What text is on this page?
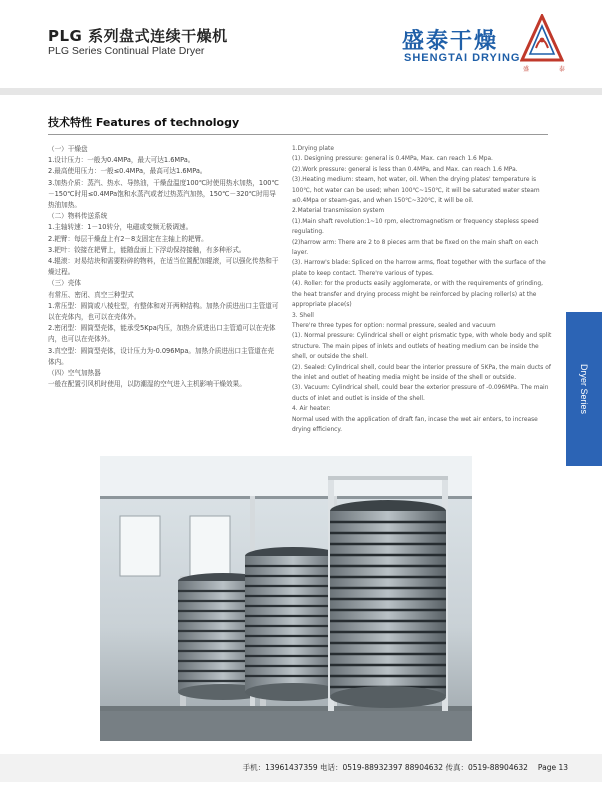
PLG 系列盘式连续干燥机
PLG Series Continual Plate Dryer	盛泰干燥
SHENGTAI DRYING
盛 泰
技术特性 Features of technology

（一）干燥盘

1.设计压力：一般为0.4MPa，最大可达1.6MPa。

2.最高使用压力：一般≤0.4MPa，最高可达1.6MPa。

3.加热介质：蒸汽、热水、导热油，干燥盘温度100℃时使用热水加热，100℃－150℃时用≤0.4MPa饱和水蒸汽或者过热蒸汽加热，150℃－320℃时用导热油加热。

（二）物料传送系统

1.主轴转速：1－10转分，电磁或变频无极调速。

2.耙臂：每层干燥盘上有2－8支固定在主轴上的耙臂。

3.耙叶：铰接在耙臂上，能随盘面上下浮动保持接触，有多种形式。

4.辊滚：对易结块和需要粉碎的物料，在适当位置配加辊滚，可以强化传热和干燥过程。

（三）壳体

有常压、密闭、真空三种型式

1.常压型：圆筒或八棱柱型，有整体和对开两种结构。加热介质进出口主管道可以在壳体内，也可以在壳体外。

2.密闭型：圆筒型壳体，能承受5Kpa内压，加热介质进出口主管道可以在壳体内，也可以在壳体外。

3.真空型：圆筒型壳体，设计压力为-0.096Mpa。加热介质进出口主管道在壳体内。

（四）空气加热器

一般在配置引风机时使用，以防潮湿的空气进入主机影响干燥效果。

1.Drying plate

(1). Designing pressure: general is 0.4MPa, Max. can reach 1.6 Mpa.

(2).Work pressure: general is less than 0.4MPa, and Max. can reach 1.6 MPa.

(3).Heating medium: steam, hot water, oil. When the drying plates' temperature is 100℃, hot water can be used; when 100℃~150℃, it will be saturated water steam ≤0.4Mpa or steam-gas, and when 150℃~320℃, it will be oil.

2.Material transmission system

(1).Main shaft revolution:1~10 rpm, electromagnetism or frequency stepless speed regulating.

(2)harrow arm: There are 2 to 8 pieces arm that be fixed on the main shaft on each layer.

(3). Harrow's blade: Spliced on the harrow arms, float together with the surface of the plate to keep contact. There're various of types.

(4). Roller: for the products easily agglomerate, or with the requirements of grinding, the heat transfer and drying process might be reinforced by placing roller(s) at the appropriate place(s)

3. Shell

There're three types for option: normal pressure, sealed and vacuum

(1). Normal pressure: Cylindrical shell or eight prismatic type, with whole body and split structure. The main pipes of inlets and outlets of heating medium can be inside the shell, or outside the shell.

(2). Sealed: Cylindrical shell, could bear the interior pressure of 5KPa, the main ducts of the inlet and outlet of heating media might be inside of the shell or outside.

(3). Vacuum: Cylindrical shell, could bear the exterior pressure of -0.096MPa. The main ducts of inlet and outlet is inside of the shell.

4. Air heater:

Normal used with the application of draft fan, incase the wet air enters, to increase drying efficiency.

Dryer Series
手机：13961437359 电话：0519-88932397 88904632 传真：0519-88904632 Page 13
